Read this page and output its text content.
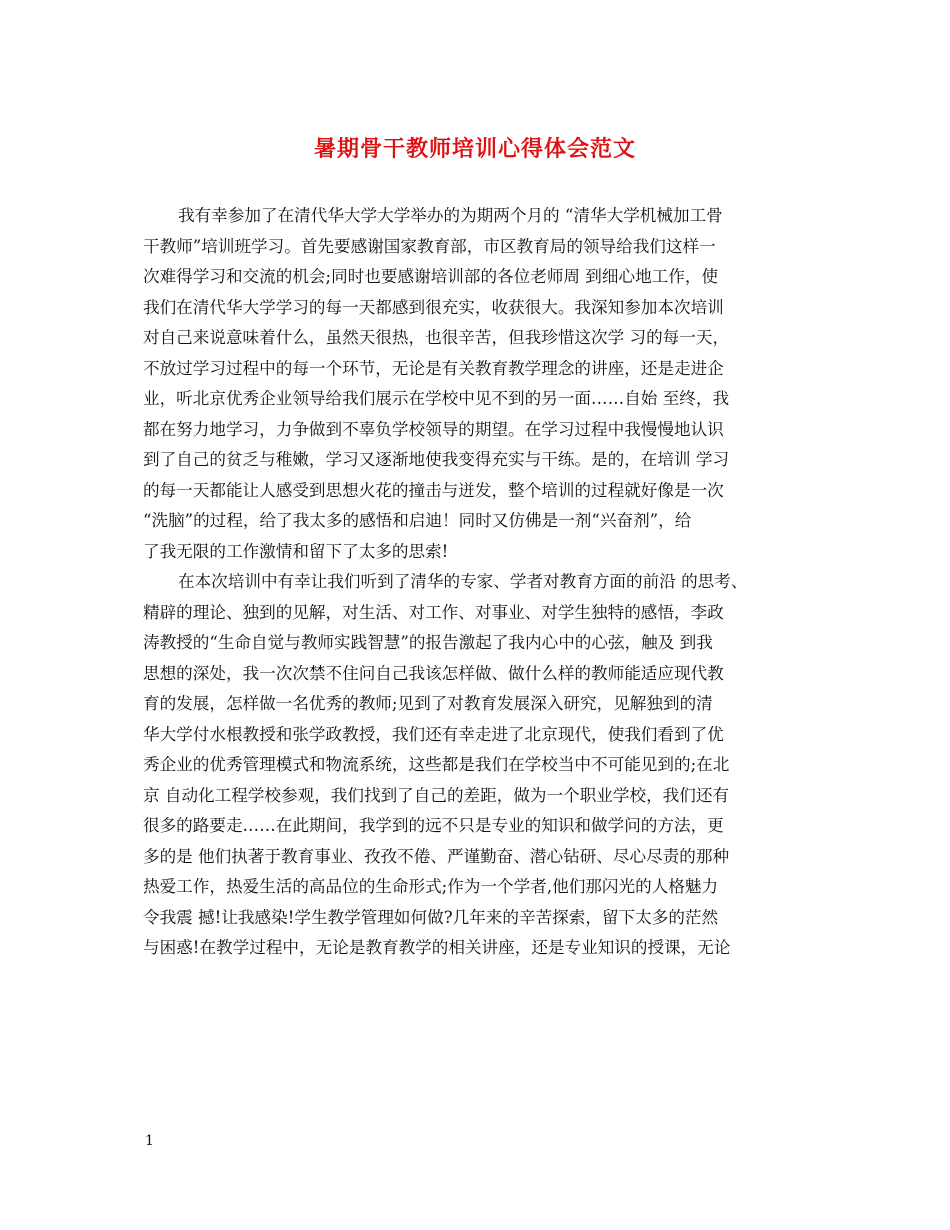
暑期骨干教师培训心得体会范文
我有幸参加了在清代华大学大学举办的为期两个月的 “清华大学机械加工骨
干教师”培训班学习。首先要感谢国家教育部，市区教育局的领导给我们这样一
次难得学习和交流的机会;同时也要感谢培训部的各位老师周 到细心地工作，使
我们在清代华大学学习的每一天都感到很充实，收获很大。我深知参加本次培训
对自己来说意味着什么，虽然天很热，也很辛苦，但我珍惜这次学 习的每一天，
不放过学习过程中的每一个环节，无论是有关教育教学理念的讲座，还是走进企
业，听北京优秀企业领导给我们展示在学校中见不到的另一面……自始 至终，我
都在努力地学习，力争做到不辜负学校领导的期望。在学习过程中我慢慢地认识
到了自己的贫乏与稚嫩，学习又逐渐地使我变得充实与干练。是的，在培训 学习
的每一天都能让人感受到思想火花的撞击与迸发，整个培训的过程就好像是一次
“洗脑”的过程，给了我太多的感悟和启迪！同时又仿佛是一剂“兴奋剂”，给
了我无限的工作激情和留下了太多的思索!
在本次培训中有幸让我们听到了清华的专家、学者对教育方面的前沿 的思考、
精辟的理论、独到的见解，对生活、对工作、对事业、对学生独特的感悟，李政
涛教授的“生命自觉与教师实践智慧”的报告激起了我内心中的心弦，触及 到我
思想的深处，我一次次禁不住问自己我该怎样做、做什么样的教师能适应现代教
育的发展，怎样做一名优秀的教师;见到了对教育发展深入研究，见解独到的清
华大学付水根教授和张学政教授，我们还有幸走进了北京现代，使我们看到了优
秀企业的优秀管理模式和物流系统，这些都是我们在学校当中不可能见到的;在北
京 自动化工程学校参观，我们找到了自己的差距，做为一个职业学校，我们还有
很多的路要走……在此期间，我学到的远不只是专业的知识和做学问的方法，更
多的是 他们执著于教育事业、孜孜不倦、严谨勤奋、潜心钻研、尽心尽责的那种
热爱工作，热爱生活的高品位的生命形式;作为一个学者,他们那闪光的人格魅力
令我震 撼!让我感染!学生教学管理如何做?几年来的辛苦探索，留下太多的茫然
与困惑!在教学过程中，无论是教育教学的相关讲座，还是专业知识的授课，无论
1
